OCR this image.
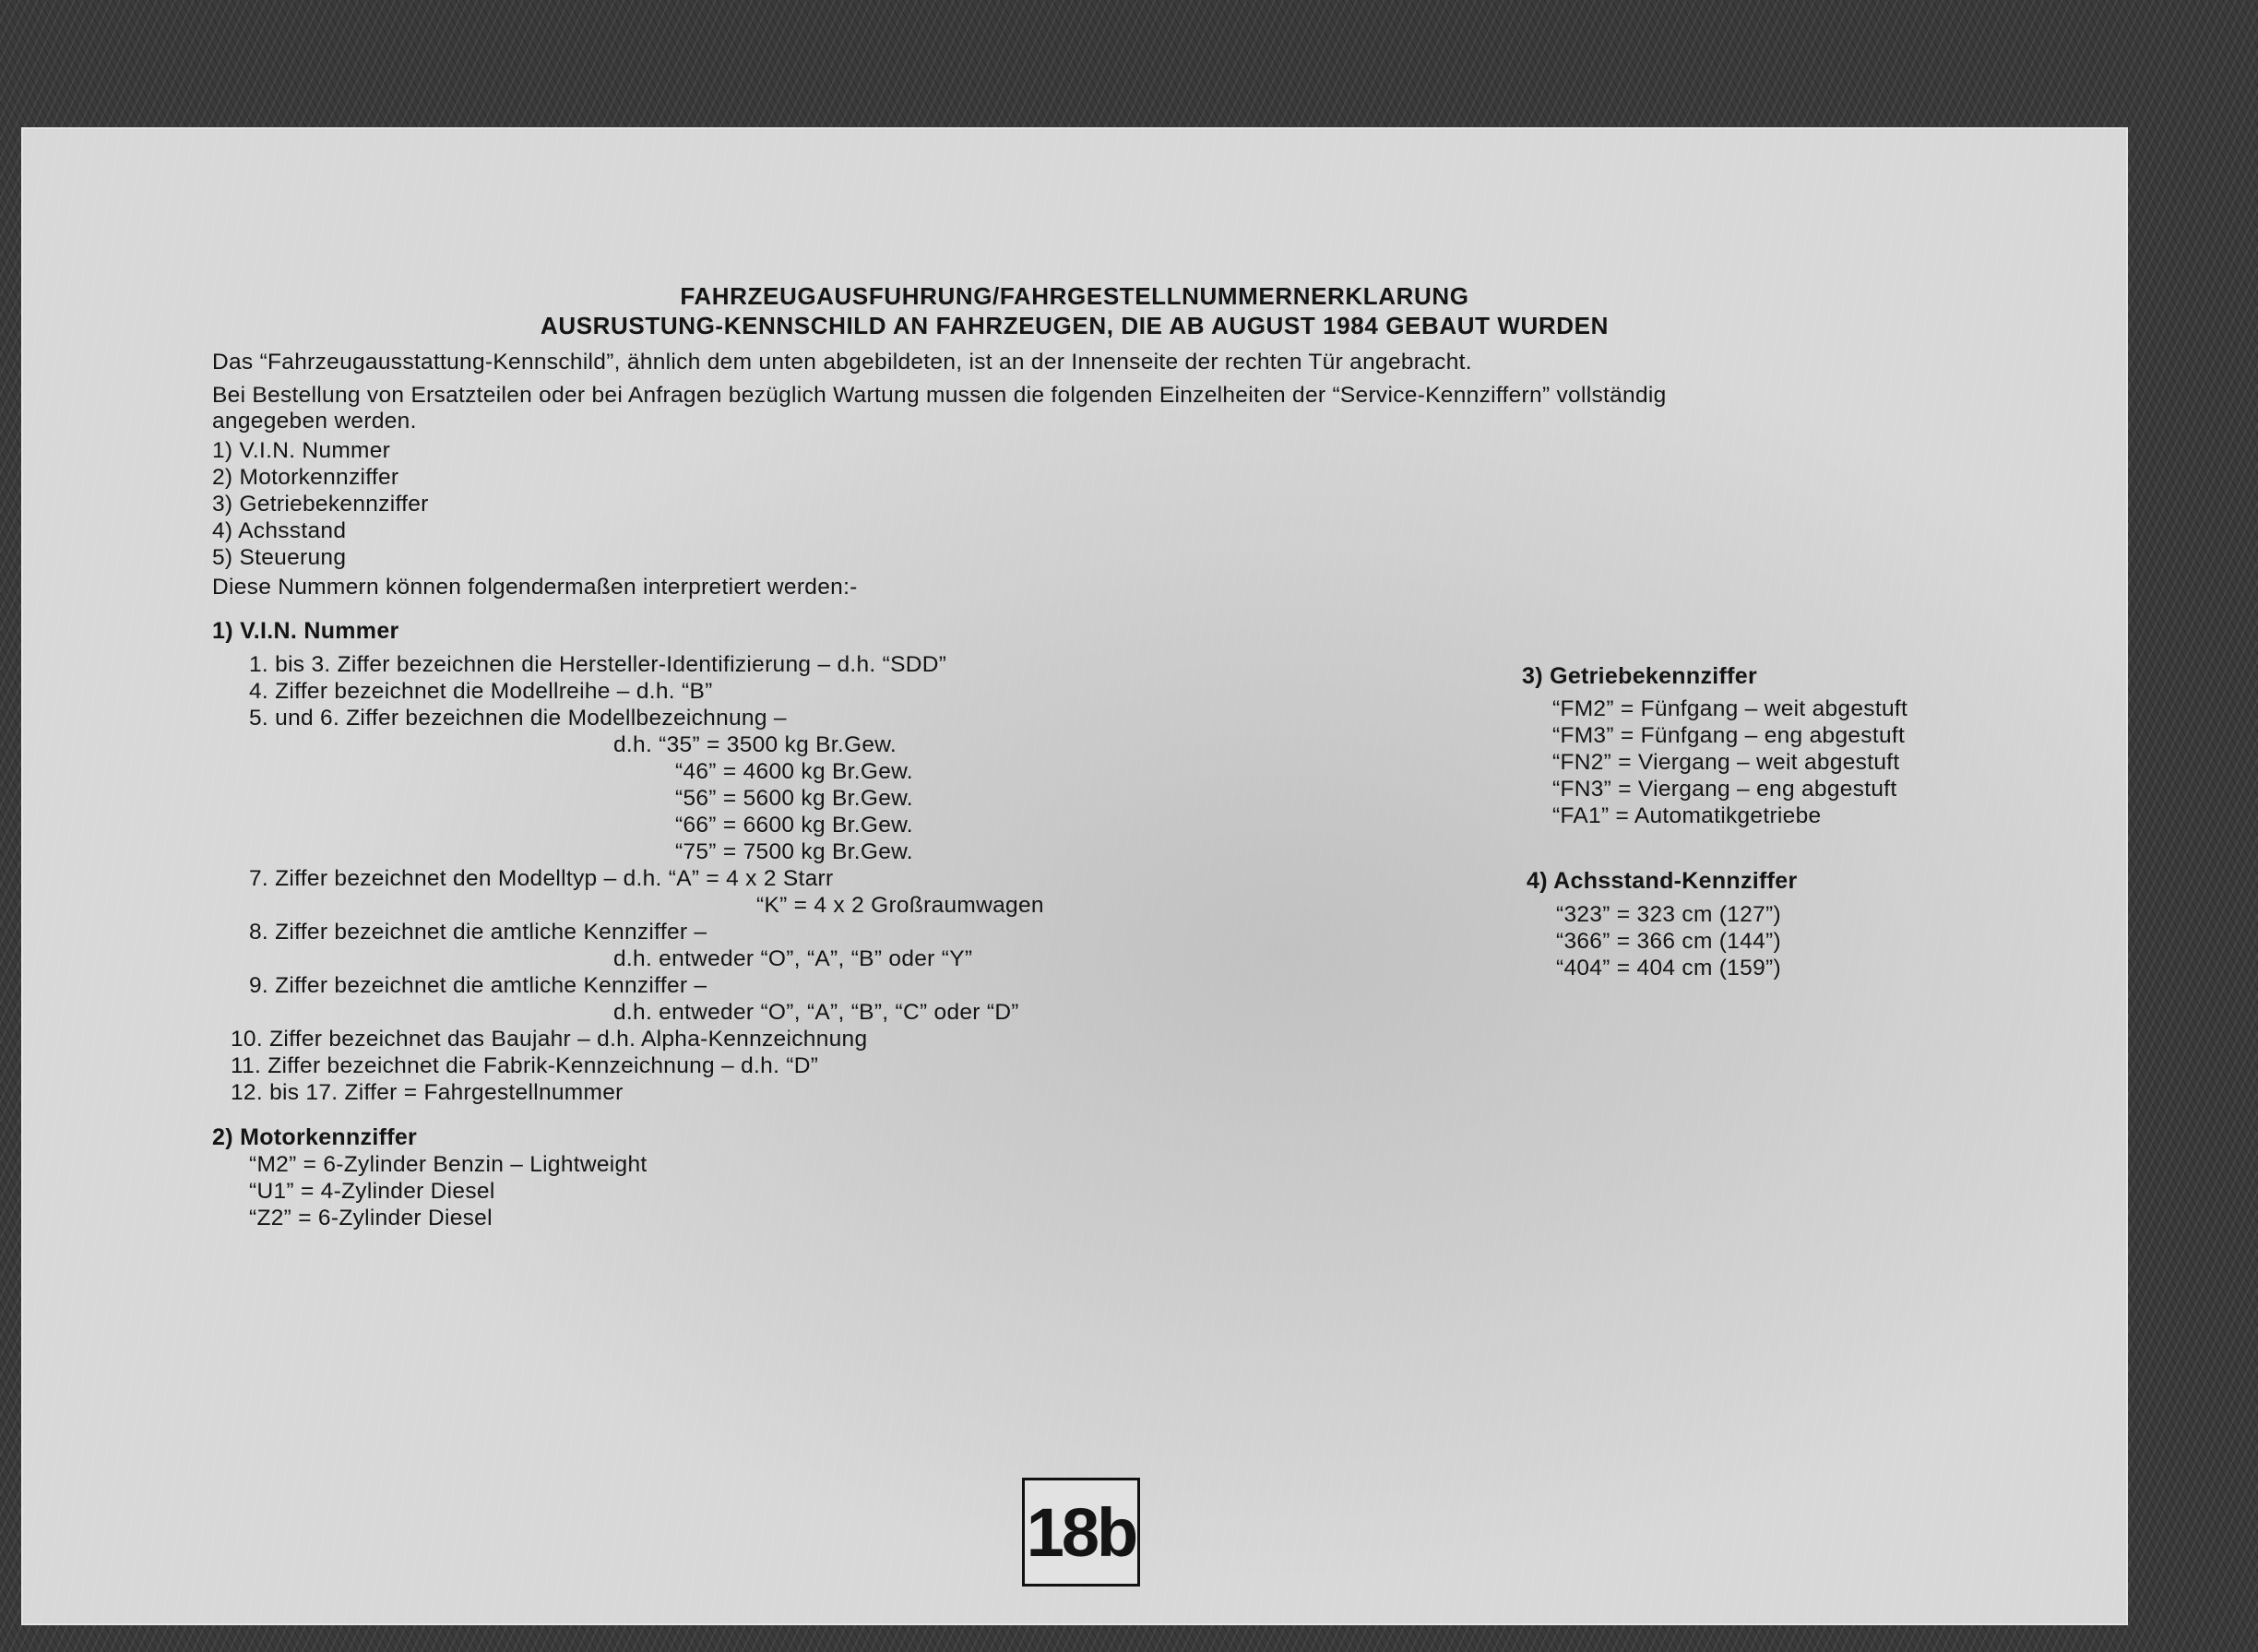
FAHRZEUGAUSFUHRUNG/FAHRGESTELLNUMMERNERKLARUNG
AUSRUSTUNG-KENNSCHILD AN FAHRZEUGEN, DIE AB AUGUST 1984 GEBAUT WURDEN
Das “Fahrzeugausstattung-Kennschild”, ähnlich dem unten abgebildeten, ist an der Innenseite der rechten Tür angebracht.
Bei Bestellung von Ersatzteilen oder bei Anfragen bezüglich Wartung mussen die folgenden Einzelheiten der “Service-Kennziffern” vollständig
angegeben werden.
1) V.I.N. Nummer
2) Motorkennziffer
3) Getriebekennziffer
4) Achsstand
5) Steuerung
Diese Nummern können folgendermaßen interpretiert werden:-
1) V.I.N. Nummer
1. bis 3. Ziffer bezeichnen die Hersteller-Identifizierung – d.h. “SDD”
4. Ziffer bezeichnet die Modellreihe – d.h. “B”
5. und 6. Ziffer bezeichnen die Modellbezeichnung –
d.h. “35” = 3500 kg Br.Gew.
“46” = 4600 kg Br.Gew.
“56” = 5600 kg Br.Gew.
“66” = 6600 kg Br.Gew.
“75” = 7500 kg Br.Gew.
7. Ziffer bezeichnet den Modelltyp – d.h. “A” = 4 x 2 Starr
“K” = 4 x 2 Großraumwagen
8. Ziffer bezeichnet die amtliche Kennziffer –
d.h. entweder “O”, “A”, “B” oder “Y”
9. Ziffer bezeichnet die amtliche Kennziffer –
d.h. entweder “O”, “A”, “B”, “C” oder “D”
10. Ziffer bezeichnet das Baujahr – d.h. Alpha-Kennzeichnung
11. Ziffer bezeichnet die Fabrik-Kennzeichnung – d.h. “D”
12. bis 17. Ziffer = Fahrgestellnummer
2) Motorkennziffer
“M2” = 6-Zylinder Benzin – Lightweight
“U1” = 4-Zylinder Diesel
“Z2” = 6-Zylinder Diesel
3) Getriebekennziffer
“FM2” = Fünfgang – weit abgestuft
“FM3” = Fünfgang – eng abgestuft
“FN2” = Viergang – weit abgestuft
“FN3” = Viergang – eng abgestuft
“FA1” = Automatikgetriebe
4) Achsstand-Kennziffer
“323” = 323 cm (127”)
“366” = 366 cm (144”)
“404” = 404 cm (159”)
18b
